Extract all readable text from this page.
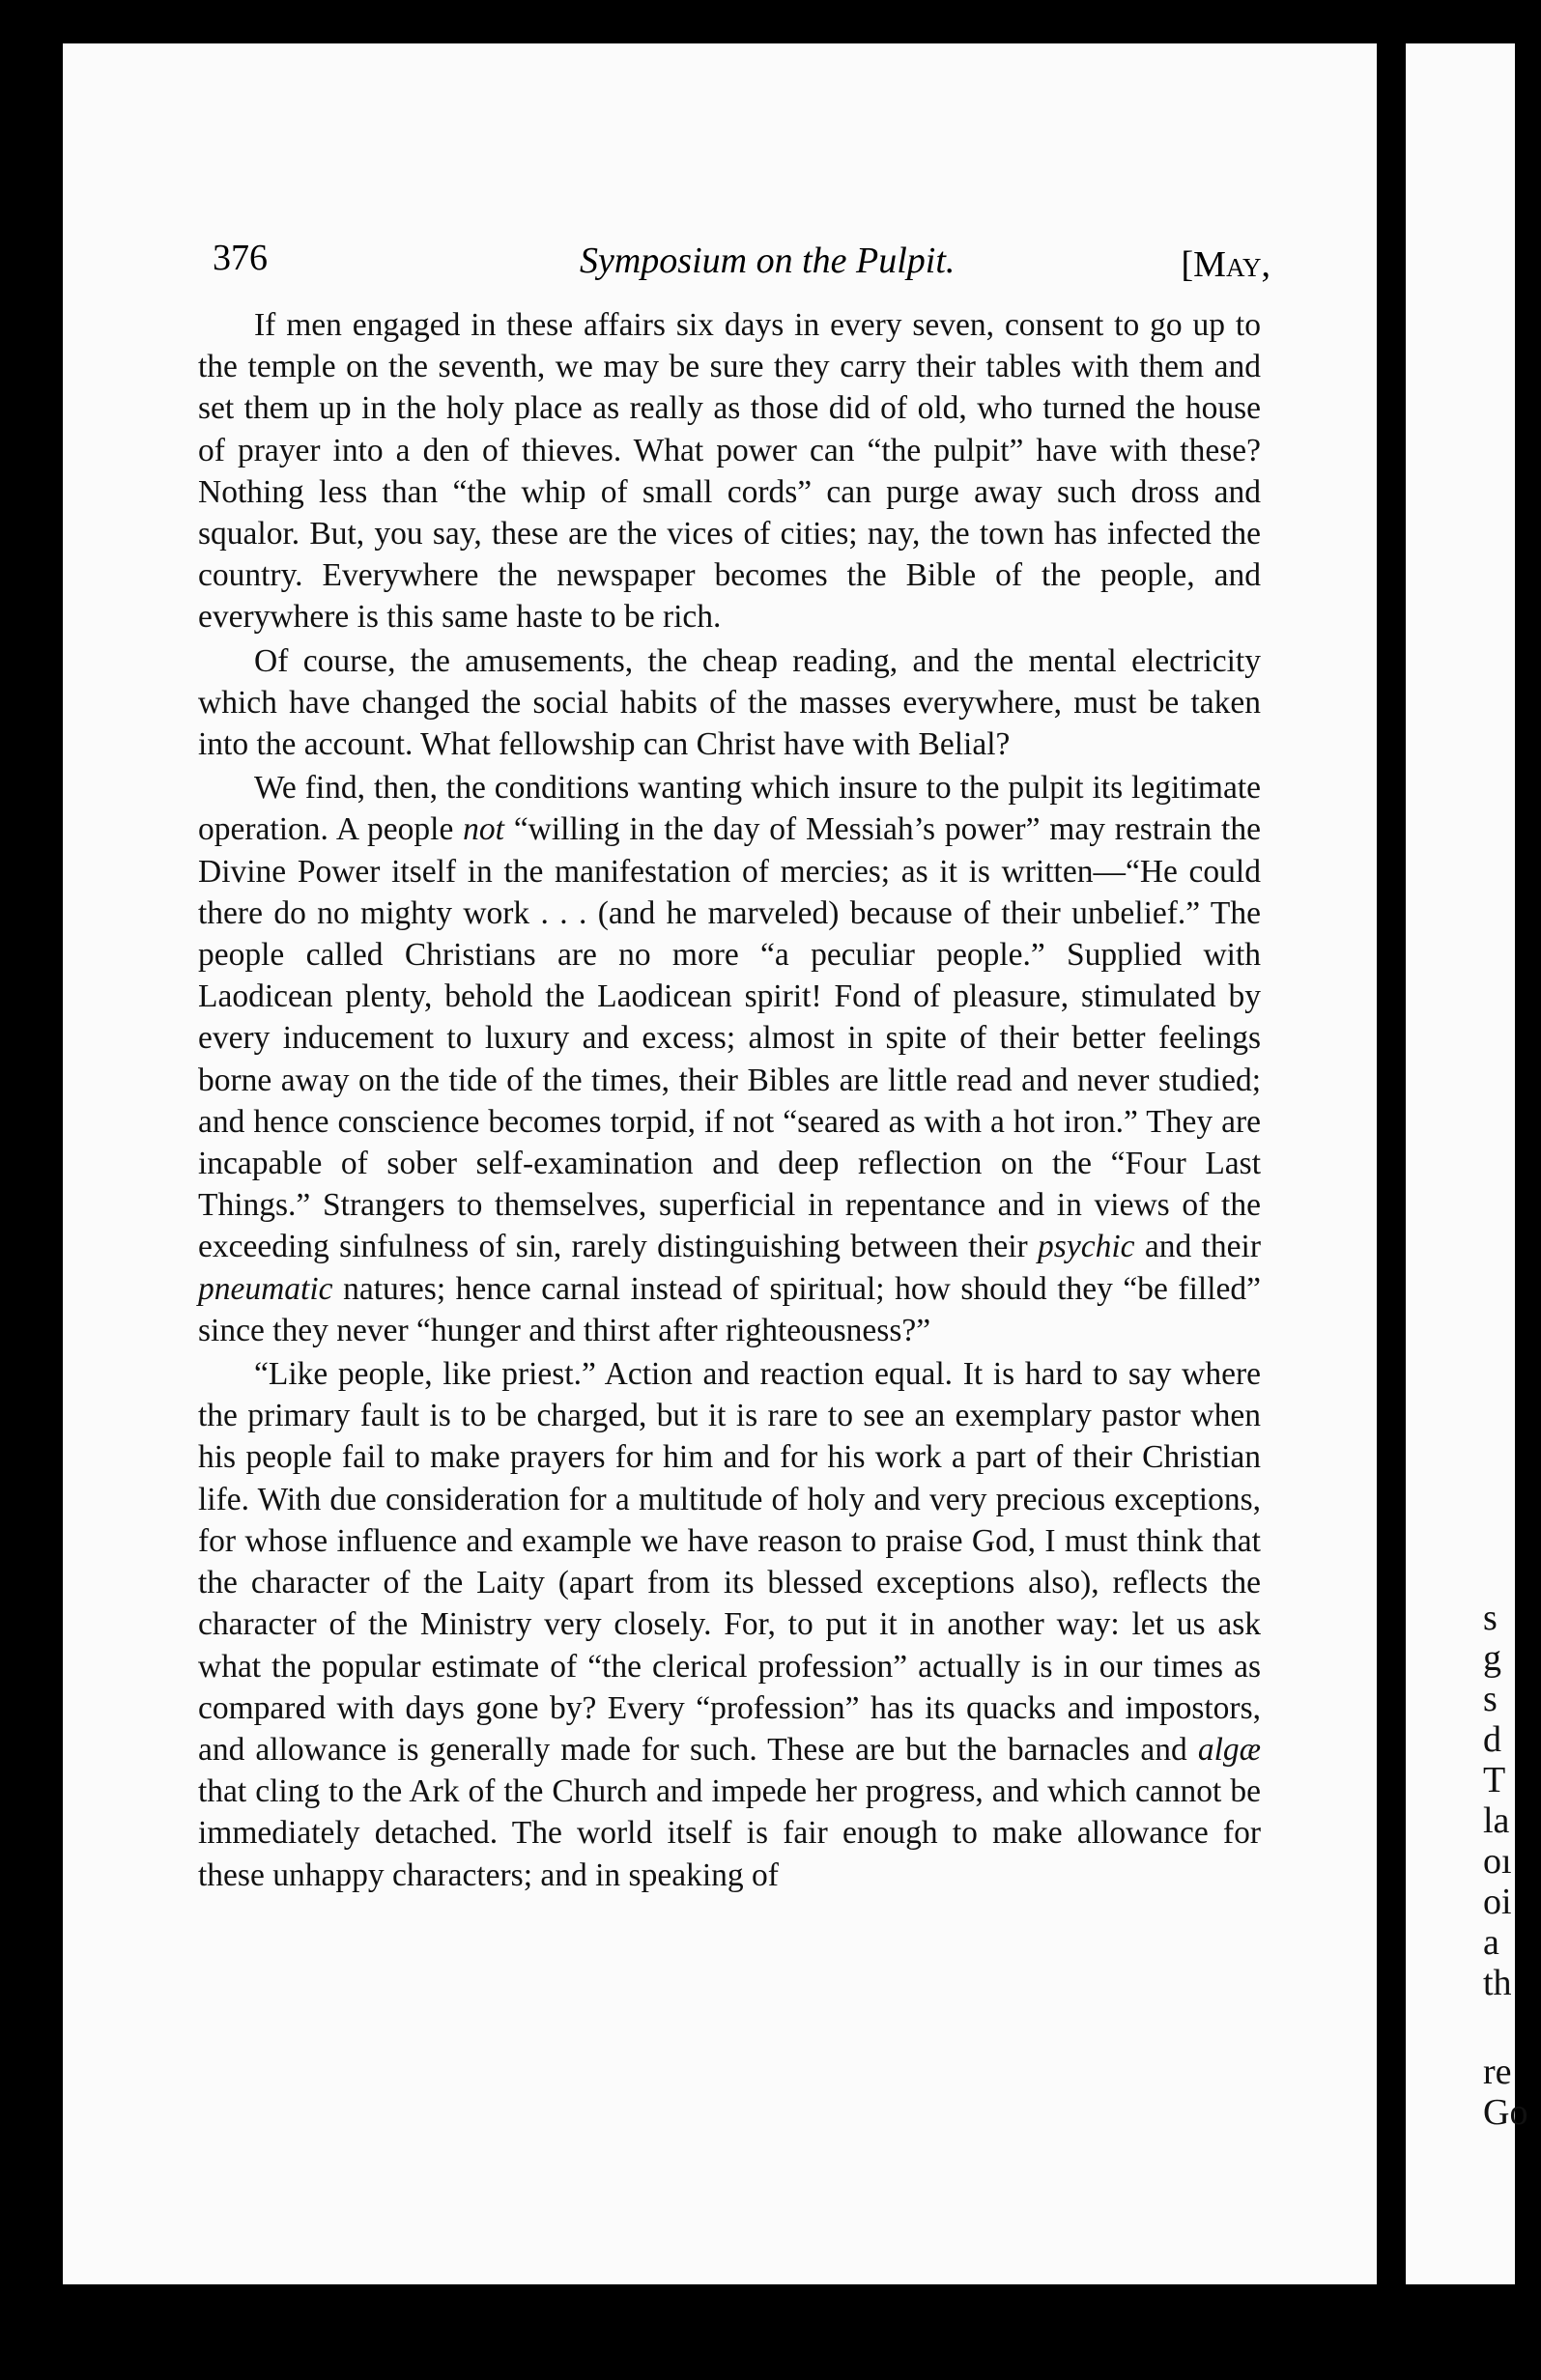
s
g
s
d
T
la
oı
oi
a
th
re
Go
376	Symposium on the Pulpit.	[May,

If men engaged in these affairs six days in every seven, consent to go up to the temple on the seventh, we may be sure they carry their tables with them and set them up in the holy place as really as those did of old, who turned the house of prayer into a den of thieves. What power can “the pulpit” have with these? Nothing less than “the whip of small cords” can purge away such dross and squalor. But, you say, these are the vices of cities; nay, the town has infected the country. Everywhere the newspaper becomes the Bible of the people, and everywhere is this same haste to be rich.

Of course, the amusements, the cheap reading, and the mental electricity which have changed the social habits of the masses everywhere, must be taken into the account. What fellowship can Christ have with Belial?

We find, then, the conditions wanting which insure to the pulpit its legitimate operation. A people not “willing in the day of Messiah’s power” may restrain the Divine Power itself in the manifestation of mercies; as it is written—“He could there do no mighty work . . . (and he marveled) because of their unbelief.” The people called Christians are no more “a peculiar people.” Supplied with Laodicean plenty, behold the Laodicean spirit! Fond of pleasure, stimulated by every inducement to luxury and excess; almost in spite of their better feelings borne away on the tide of the times, their Bibles are little read and never studied; and hence conscience becomes torpid, if not “seared as with a hot iron.” They are incapable of sober self-examination and deep reflection on the “Four Last Things.” Strangers to themselves, superficial in repentance and in views of the exceeding sinfulness of sin, rarely distinguishing between their psychic and their pneumatic natures; hence carnal instead of spiritual; how should they “be filled” since they never “hunger and thirst after righteousness?”

“Like people, like priest.” Action and reaction equal. It is hard to say where the primary fault is to be charged, but it is rare to see an exemplary pastor when his people fail to make prayers for him and for his work a part of their Christian life. With due consideration for a multitude of holy and very precious exceptions, for whose influence and example we have reason to praise God, I must think that the character of the Laity (apart from its blessed exceptions also), reflects the character of the Ministry very closely. For, to put it in another way: let us ask what the popular estimate of “the clerical profession” actually is in our times as compared with days gone by? Every “profession” has its quacks and impostors, and allowance is generally made for such. These are but the barnacles and algæ that cling to the Ark of the Church and impede her progress, and which cannot be immediately detached. The world itself is fair enough to make allowance for these unhappy characters; and in speaking of
